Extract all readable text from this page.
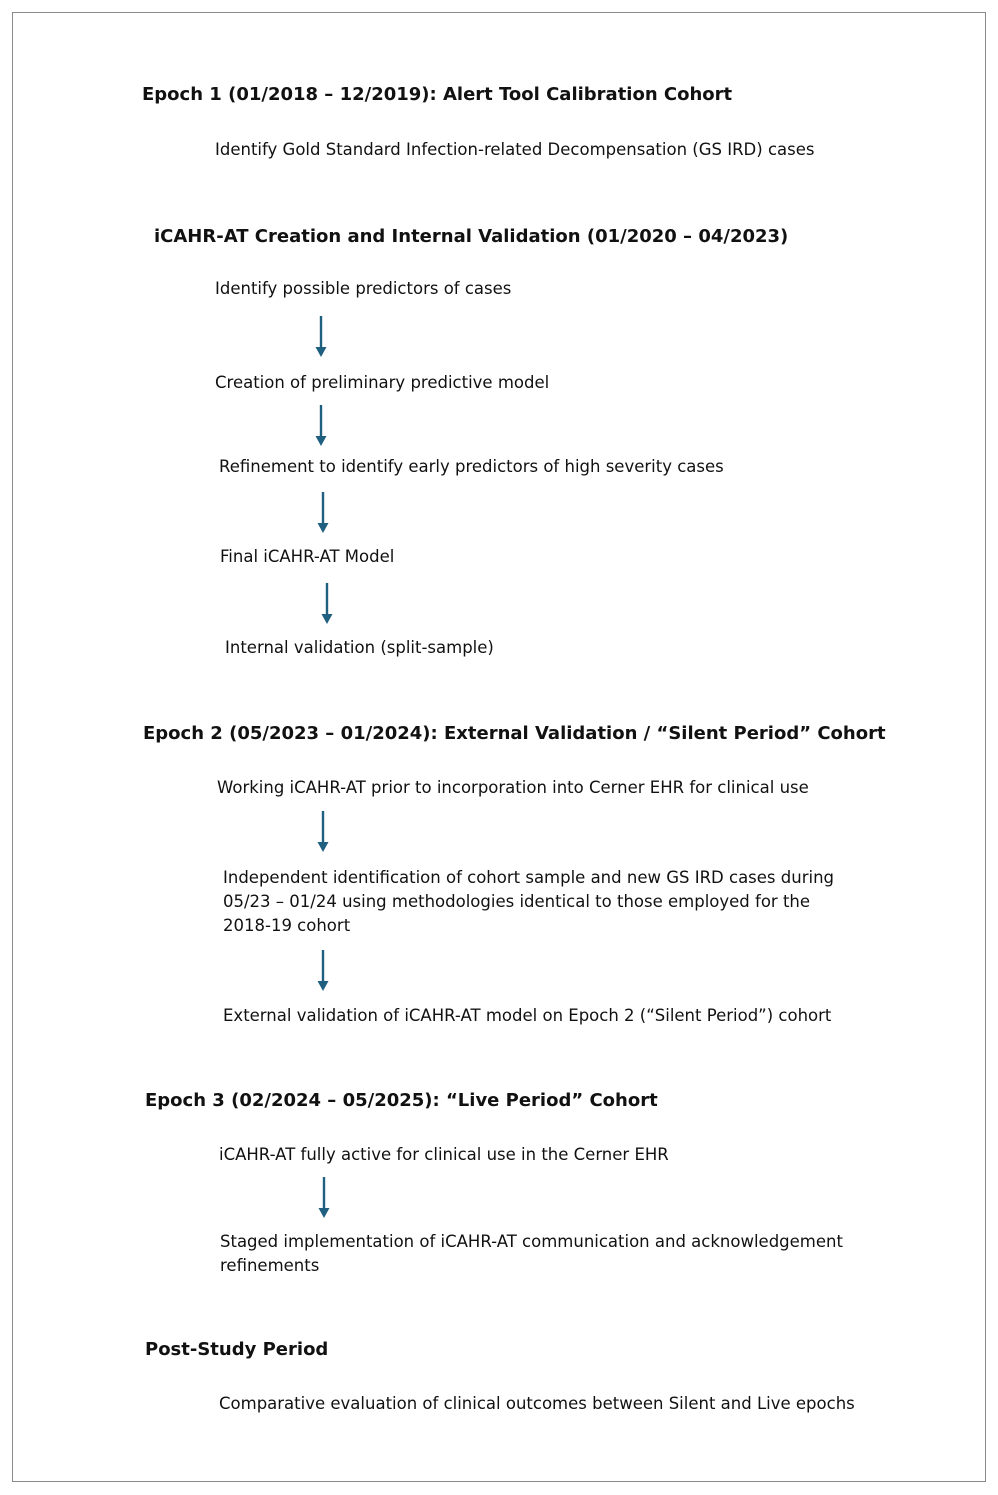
Epoch 1 (01/2018 – 12/2019): Alert Tool Calibration Cohort
Identify Gold Standard Infection-related Decompensation (GS IRD) cases
iCAHR-AT Creation and Internal Validation (01/2020 – 04/2023)
Identify possible predictors of cases
Creation of preliminary predictive model
Refinement to identify early predictors of high severity cases
Final iCAHR-AT Model
Internal validation (split-sample)
Epoch 2 (05/2023 – 01/2024): External Validation / “Silent Period” Cohort
Working iCAHR-AT prior to incorporation into Cerner EHR for clinical use
Independent identification of cohort sample and new GS IRD cases during 05/23 – 01/24 using methodologies identical to those employed for the 2018-19 cohort
External validation of iCAHR-AT model on Epoch 2 (“Silent Period”) cohort
Epoch 3 (02/2024 – 05/2025): “Live Period” Cohort
iCAHR-AT fully active for clinical use in the Cerner EHR
Staged implementation of iCAHR-AT communication and acknowledgement refinements
Post-Study Period
Comparative evaluation of clinical outcomes between Silent and Live epochs
